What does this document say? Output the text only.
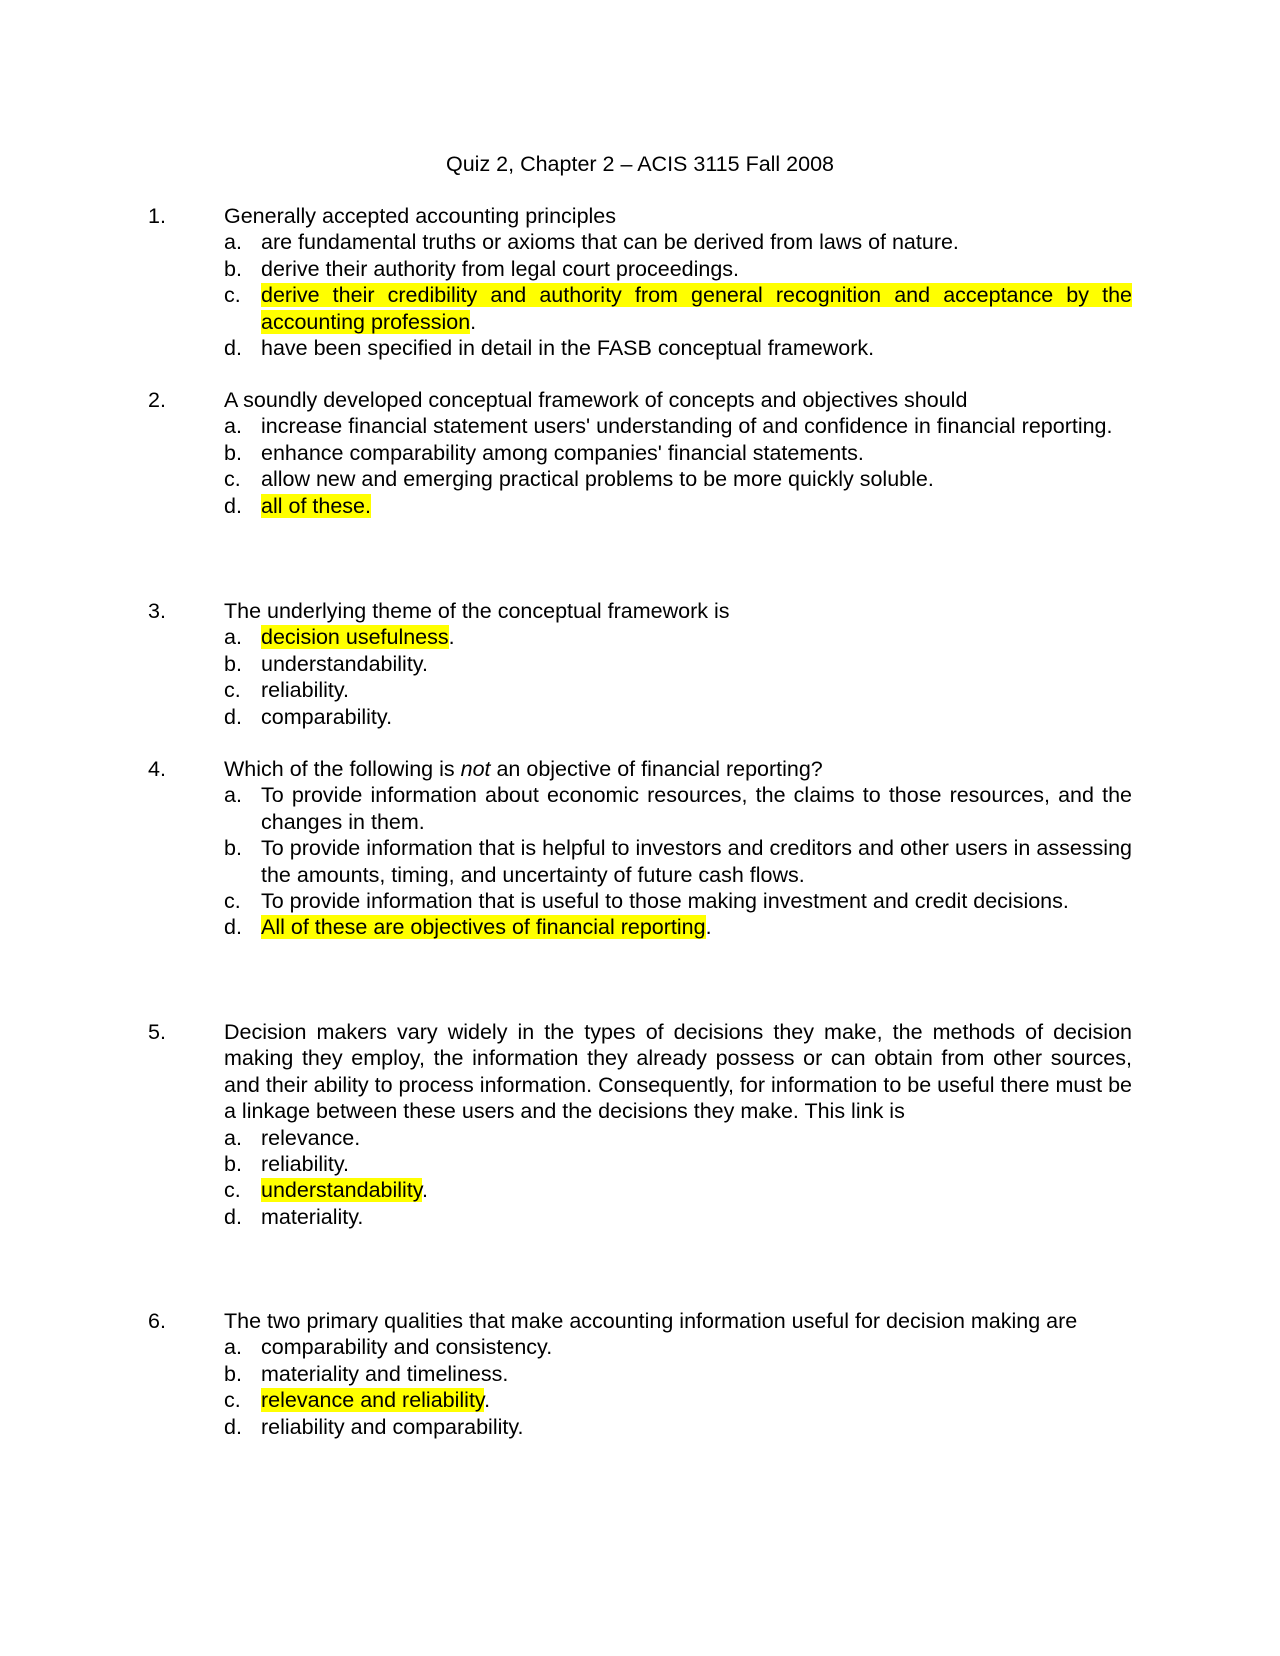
Quiz 2, Chapter 2 – ACIS 3115 Fall 2008
1.	Generally accepted accounting principles
a. are fundamental truths or axioms that can be derived from laws of nature.
b. derive their authority from legal court proceedings.
c. derive their credibility and authority from general recognition and acceptance by the accounting profession.
d. have been specified in detail in the FASB conceptual framework.
2.	A soundly developed conceptual framework of concepts and objectives should
a. increase financial statement users' understanding of and confidence in financial reporting.
b. enhance comparability among companies' financial statements.
c. allow new and emerging practical problems to be more quickly soluble.
d. all of these.
3.	The underlying theme of the conceptual framework is
a. decision usefulness.
b. understandability.
c. reliability.
d. comparability.
4.	Which of the following is not an objective of financial reporting?
a. To provide information about economic resources, the claims to those resources, and the changes in them.
b. To provide information that is helpful to investors and creditors and other users in assessing the amounts, timing, and uncertainty of future cash flows.
c. To provide information that is useful to those making investment and credit decisions.
d. All of these are objectives of financial reporting.
5.	Decision makers vary widely in the types of decisions they make, the methods of decision making they employ, the information they already possess or can obtain from other sources, and their ability to process information. Consequently, for information to be useful there must be a linkage between these users and the decisions they make. This link is
a. relevance.
b. reliability.
c. understandability.
d. materiality.
6.	The two primary qualities that make accounting information useful for decision making are
a. comparability and consistency.
b. materiality and timeliness.
c. relevance and reliability.
d. reliability and comparability.
